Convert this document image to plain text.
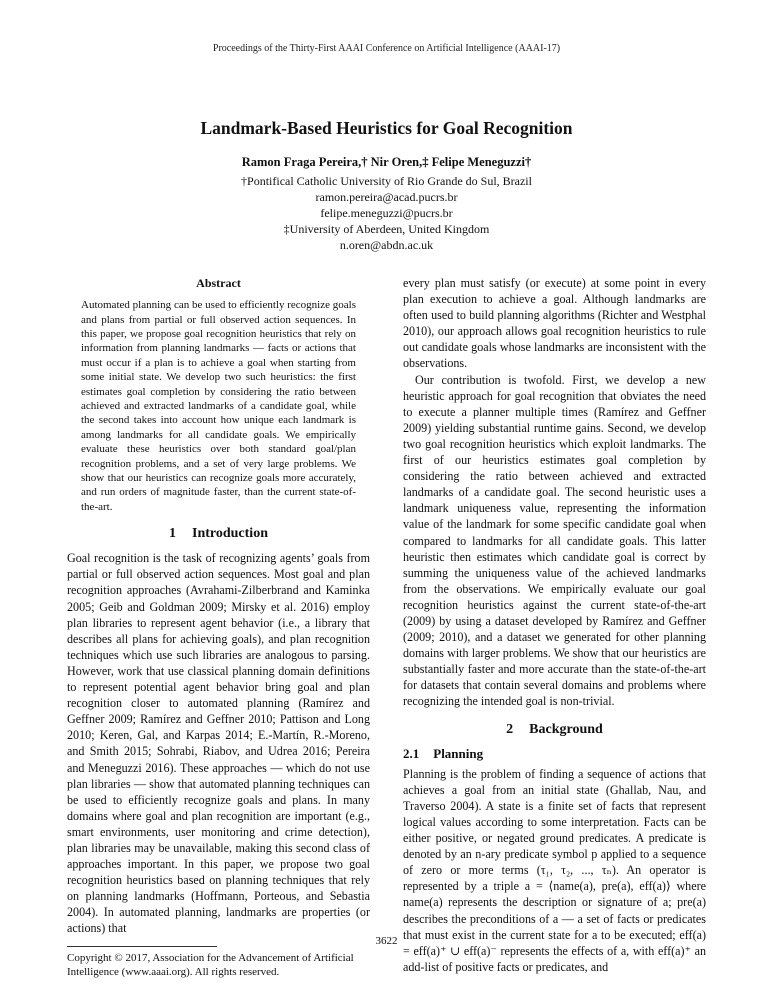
Proceedings of the Thirty-First AAAI Conference on Artificial Intelligence (AAAI-17)
Landmark-Based Heuristics for Goal Recognition
Ramon Fraga Pereira,† Nir Oren,‡ Felipe Meneguzzi†
†Pontifical Catholic University of Rio Grande do Sul, Brazil
ramon.pereira@acad.pucrs.br
felipe.meneguzzi@pucrs.br
‡University of Aberdeen, United Kingdom
n.oren@abdn.ac.uk
Abstract

Automated planning can be used to efficiently recognize goals and plans from partial or full observed action sequences. In this paper, we propose goal recognition heuristics that rely on information from planning landmarks — facts or actions that must occur if a plan is to achieve a goal when starting from some initial state. We develop two such heuristics: the first estimates goal completion by considering the ratio between achieved and extracted landmarks of a candidate goal, while the second takes into account how unique each landmark is among landmarks for all candidate goals. We empirically evaluate these heuristics over both standard goal/plan recognition problems, and a set of very large problems. We show that our heuristics can recognize goals more accurately, and run orders of magnitude faster, than the current state-of-the-art.

1 Introduction

Goal recognition is the task of recognizing agents’ goals from partial or full observed action sequences. Most goal and plan recognition approaches (Avrahami-Zilberbrand and Kaminka 2005; Geib and Goldman 2009; Mirsky et al. 2016) employ plan libraries to represent agent behavior (i.e., a library that describes all plans for achieving goals), and plan recognition techniques which use such libraries are analogous to parsing. However, work that use classical planning domain definitions to represent potential agent behavior bring goal and plan recognition closer to automated planning (Ramírez and Geffner 2009; Ramírez and Geffner 2010; Pattison and Long 2010; Keren, Gal, and Karpas 2014; E.-Martín, R.-Moreno, and Smith 2015; Sohrabi, Riabov, and Udrea 2016; Pereira and Meneguzzi 2016). These approaches — which do not use plan libraries — show that automated planning techniques can be used to efficiently recognize goals and plans. In many domains where goal and plan recognition are important (e.g., smart environments, user monitoring and crime detection), plan libraries may be unavailable, making this second class of approaches important. In this paper, we propose two goal recognition heuristics based on planning techniques that rely on planning landmarks (Hoffmann, Porteous, and Sebastia 2004). In automated planning, landmarks are properties (or actions) that

Copyright © 2017, Association for the Advancement of Artificial Intelligence (www.aaai.org). All rights reserved.

every plan must satisfy (or execute) at some point in every plan execution to achieve a goal. Although landmarks are often used to build planning algorithms (Richter and Westphal 2010), our approach allows goal recognition heuristics to rule out candidate goals whose landmarks are inconsistent with the observations.

Our contribution is twofold. First, we develop a new heuristic approach for goal recognition that obviates the need to execute a planner multiple times (Ramírez and Geffner 2009) yielding substantial runtime gains. Second, we develop two goal recognition heuristics which exploit landmarks. The first of our heuristics estimates goal completion by considering the ratio between achieved and extracted landmarks of a candidate goal. The second heuristic uses a landmark uniqueness value, representing the information value of the landmark for some specific candidate goal when compared to landmarks for all candidate goals. This latter heuristic then estimates which candidate goal is correct by summing the uniqueness value of the achieved landmarks from the observations. We empirically evaluate our goal recognition heuristics against the current state-of-the-art (2009) by using a dataset developed by Ramírez and Geffner (2009; 2010), and a dataset we generated for other planning domains with larger problems. We show that our heuristics are substantially faster and more accurate than the state-of-the-art for datasets that contain several domains and problems where recognizing the intended goal is non-trivial.

2 Background
2.1 Planning

Planning is the problem of finding a sequence of actions that achieves a goal from an initial state (Ghallab, Nau, and Traverso 2004). A state is a finite set of facts that represent logical values according to some interpretation. Facts can be either positive, or negated ground predicates. A predicate is denoted by an n-ary predicate symbol p applied to a sequence of zero or more terms (τ₁, τ₂, ..., τₙ). An operator is represented by a triple a = ⟨name(a), pre(a), eff(a)⟩ where name(a) represents the description or signature of a; pre(a) describes the preconditions of a — a set of facts or predicates that must exist in the current state for a to be executed; eff(a) = eff(a)⁺ ∪ eff(a)⁻ represents the effects of a, with eff(a)⁺ an add-list of positive facts or predicates, and

3622
